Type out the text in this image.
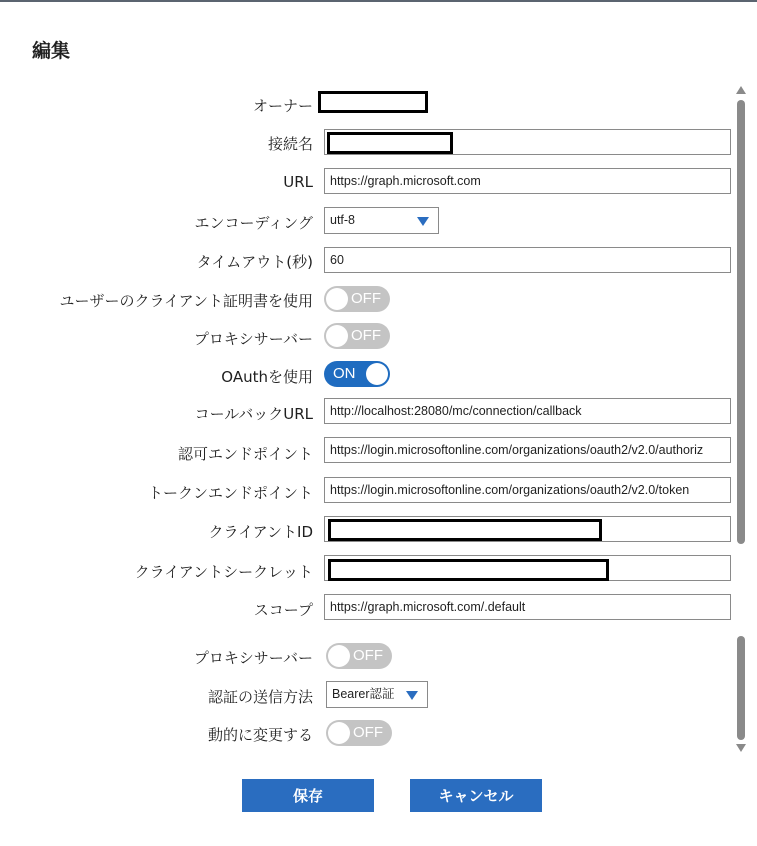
編集
オーナー
接続名
URL	https://graph.microsoft.com
エンコーディング	utf-8
タイムアウト(秒)	60
ユーザーのクライアント証明書を使用	OFF
プロキシサーバー	OFF
OAuthを使用 ON
コールバックURL	http://localhost:28080/mc/connection/callback
認可エンドポイント	https://login.microsoftonline.com/organizations/oauth2/v2.0/authoriz
トークンエンドポイント	https://login.microsoftonline.com/organizations/oauth2/v2.0/token
クライアントID
クライアントシークレット
スコープ	https://graph.microsoft.com/.default
プロキシサーバー	OFF
認証の送信方法	Bearer認証
動的に変更する	OFF
保存	キャンセル
